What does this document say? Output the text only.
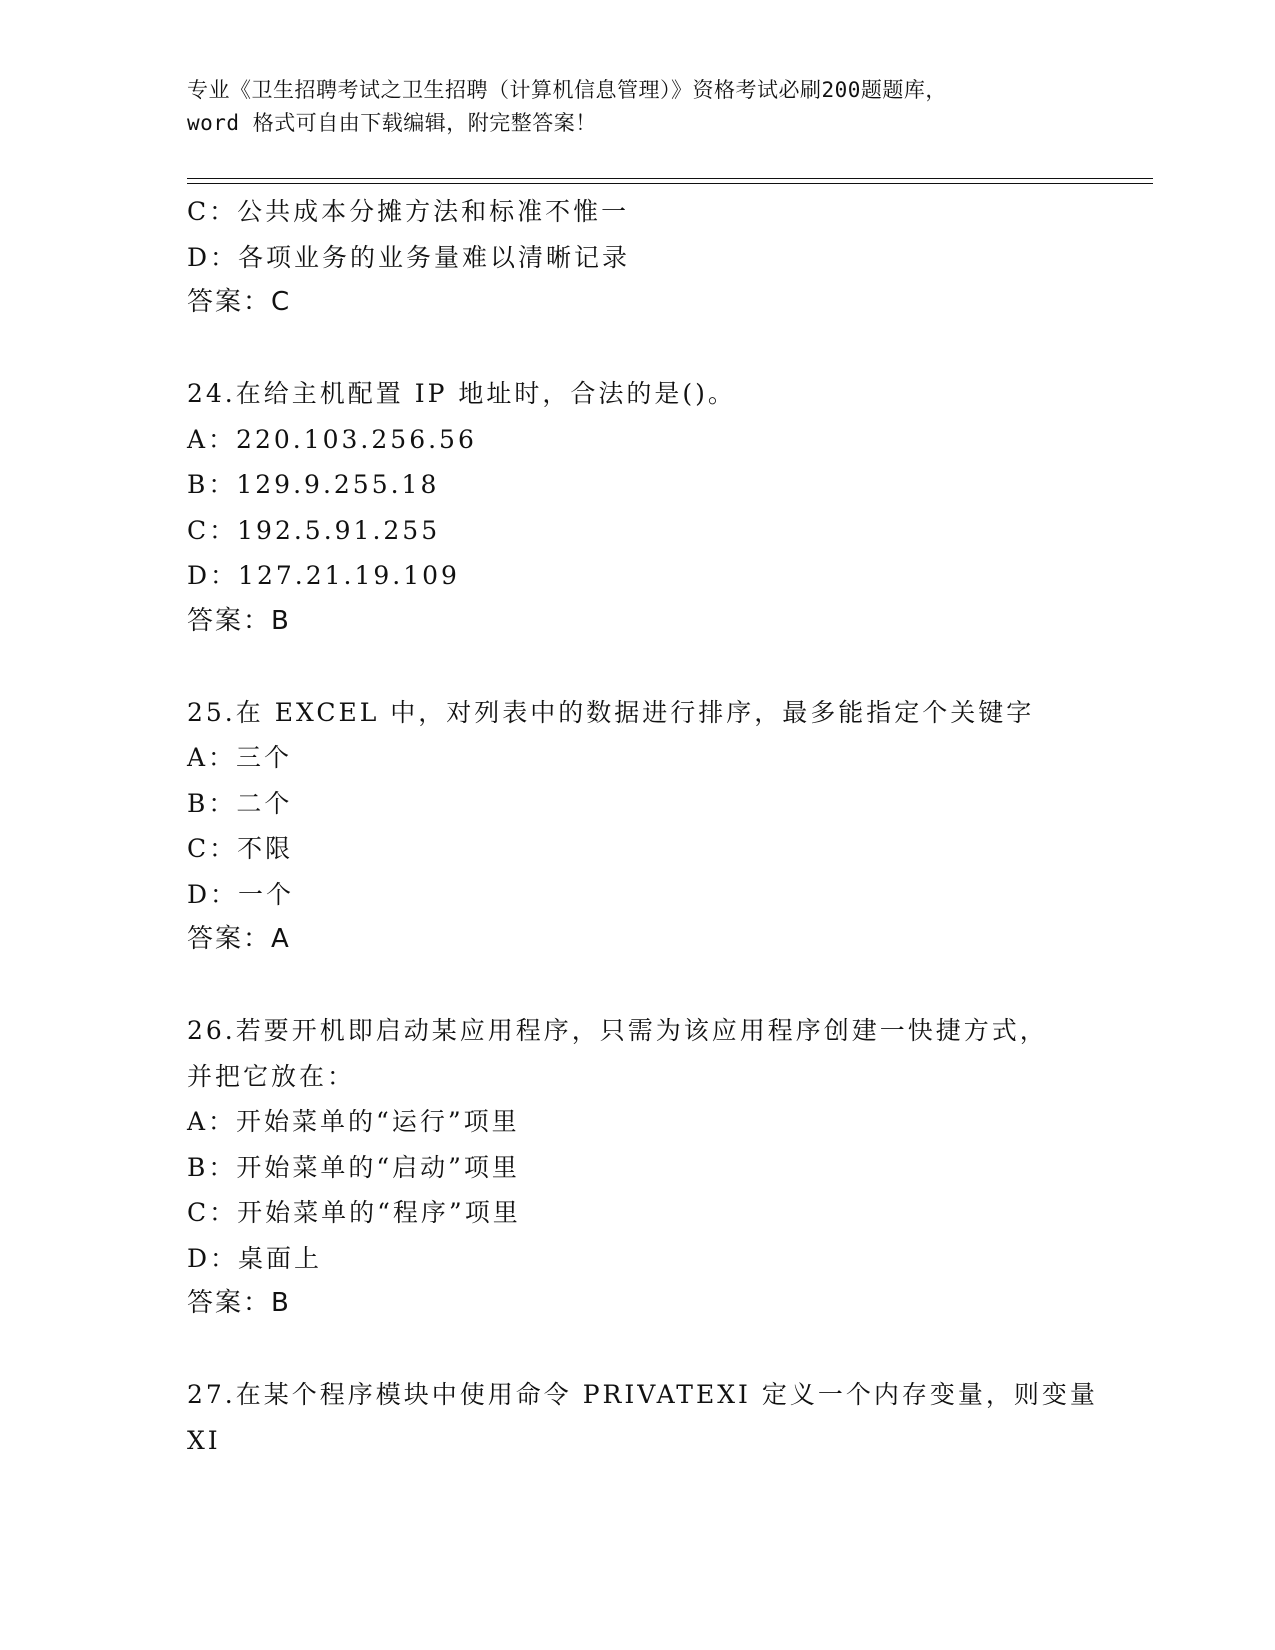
专业《卫生招聘考试之卫生招聘（计算机信息管理）》资格考试必刷200题题库，
word 格式可自由下载编辑，附完整答案！
C：公共成本分摊方法和标准不惟一
D：各项业务的业务量难以清晰记录
答案：C
24.在给主机配置 IP 地址时，合法的是()。
A：220.103.256.56
B：129.9.255.18
C：192.5.91.255
D：127.21.19.109
答案：B
25.在 EXCEL 中，对列表中的数据进行排序，最多能指定个关键字
A：三个
B：二个
C：不限
D：一个
答案：A
26.若要开机即启动某应用程序，只需为该应用程序创建一快捷方式，
并把它放在：
A：开始菜单的“运行”项里
B：开始菜单的“启动”项里
C：开始菜单的“程序”项里
D：桌面上
答案：B
27.在某个程序模块中使用命令 PRIVATEXI 定义一个内存变量，则变量
XI
